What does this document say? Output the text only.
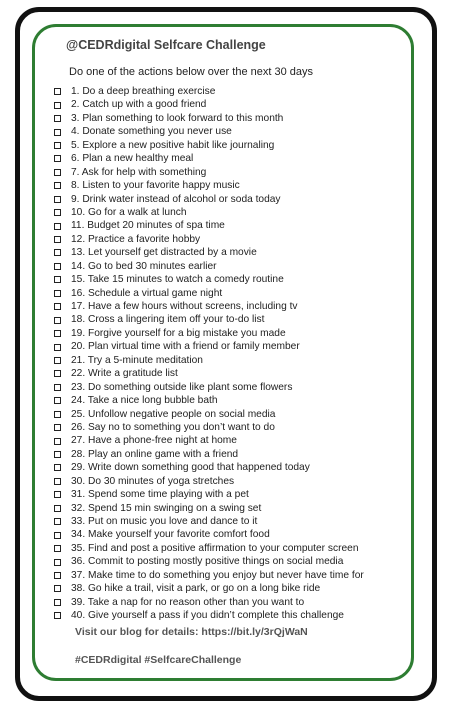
@CEDRdigital Selfcare Challenge
Do one of the actions below over the next 30 days
1. Do a deep breathing exercise
2. Catch up with a good friend
3. Plan something to look forward to this month
4. Donate something you never use
5. Explore a new positive habit like journaling
6. Plan a new healthy meal
7. Ask for help with something
8. Listen to your favorite happy music
9. Drink water instead of alcohol or soda today
10. Go for a walk at lunch
11. Budget 20 minutes of spa time
12. Practice a favorite hobby
13. Let yourself get distracted by a movie
14. Go to bed 30 minutes earlier
15. Take 15 minutes to watch a comedy routine
16. Schedule a virtual game night
17. Have a few hours without screens, including tv
18. Cross a lingering item off your to-do list
19. Forgive yourself for a big mistake you made
20. Plan virtual time with a friend or family member
21. Try a 5-minute meditation
22. Write a gratitude list
23. Do something outside like plant some flowers
24. Take a nice long bubble bath
25. Unfollow negative people on social media
26. Say no to something you don’t want to do
27. Have a phone-free night at home
28. Play an online game with a friend
29. Write down something good that happened today
30. Do 30 minutes of yoga stretches
31. Spend some time playing with a pet
32. Spend 15 min swinging on a swing set
33. Put on music you love and dance to it
34. Make yourself your favorite comfort food
35. Find and post a positive affirmation to your computer screen
36. Commit to posting mostly positive things on social media
37. Make time to do something you enjoy but never have time for
38. Go hike a trail, visit a park, or go on a long bike ride
39. Take a nap for no reason other than you want to
40. Give yourself a pass if you didn’t complete this challenge
Visit our blog for details: https://bit.ly/3rQjWaN
#CEDRdigital #SelfcareChallenge
